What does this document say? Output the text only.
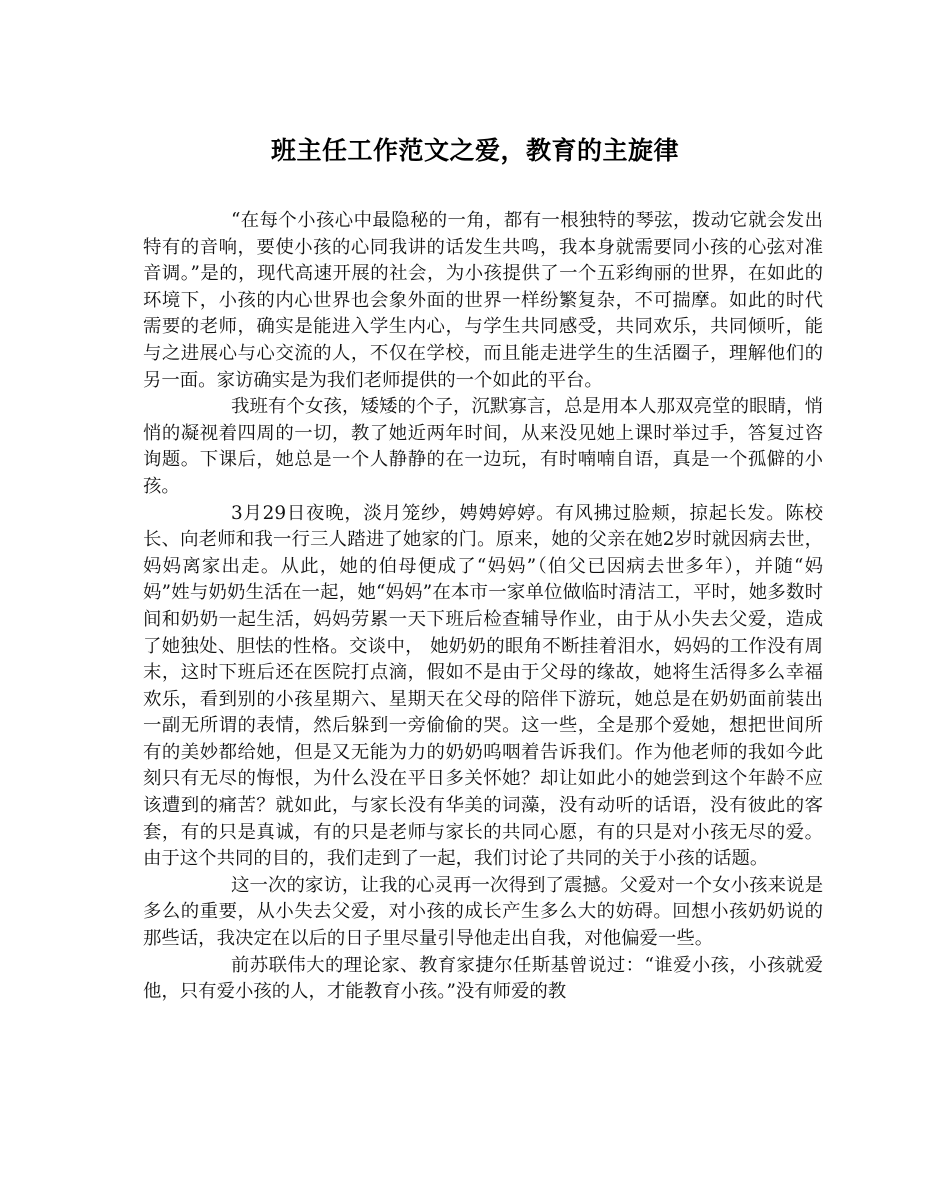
班主任工作范文之爱，教育的主旋律

“在每个小孩心中最隐秘的一角，都有一根独特的琴弦，拨动它就会发出特有的音响，要使小孩的心同我讲的话发生共鸣，我本身就需要同小孩的心弦对准音调。”是的，现代高速开展的社会，为小孩提供了一个五彩绚丽的世界，在如此的环境下，小孩的内心世界也会象外面的世界一样纷繁复杂，不可揣摩。如此的时代需要的老师，确实是能进入学生内心，与学生共同感受，共同欢乐，共同倾听，能与之进展心与心交流的人，不仅在学校，而且能走进学生的生活圈子，理解他们的另一面。家访确实是为我们老师提供的一个如此的平台。

我班有个女孩，矮矮的个子，沉默寡言，总是用本人那双亮堂的眼睛，悄悄的凝视着四周的一切，教了她近两年时间，从来没见她上课时举过手，答复过咨询题。下课后，她总是一个人静静的在一边玩，有时喃喃自语，真是一个孤僻的小孩。

3月29日夜晚，淡月笼纱，娉娉婷婷。有风拂过脸颊，掠起长发。陈校长、向老师和我一行三人踏进了她家的门。原来，她的父亲在她2岁时就因病去世，妈妈离家出走。从此，她的伯母便成了“妈妈”（伯父已因病去世多年），并随“妈妈”姓与奶奶生活在一起，她“妈妈”在本市一家单位做临时清洁工，平时，她多数时间和奶奶一起生活，妈妈劳累一天下班后检查辅导作业，由于从小失去父爱，造成了她独处、胆怯的性格。交谈中， 她奶奶的眼角不断挂着泪水，妈妈的工作没有周末，这时下班后还在医院打点滴，假如不是由于父母的缘故，她将生活得多么幸福欢乐，看到别的小孩星期六、星期天在父母的陪伴下游玩，她总是在奶奶面前装出一副无所谓的表情，然后躲到一旁偷偷的哭。这一些，全是那个爱她，想把世间所有的美妙都给她，但是又无能为力的奶奶呜咽着告诉我们。作为他老师的我如今此刻只有无尽的悔恨，为什么没在平日多关怀她？却让如此小的她尝到这个年龄不应该遭到的痛苦？就如此，与家长没有华美的词藻，没有动听的话语，没有彼此的客套，有的只是真诚，有的只是老师与家长的共同心愿，有的只是对小孩无尽的爱。由于这个共同的目的，我们走到了一起，我们讨论了共同的关于小孩的话题。

这一次的家访，让我的心灵再一次得到了震撼。父爱对一个女小孩来说是多么的重要，从小失去父爱，对小孩的成长产生多么大的妨碍。回想小孩奶奶说的那些话，我决定在以后的日子里尽量引导他走出自我，对他偏爱一些。

前苏联伟大的理论家、教育家捷尔任斯基曾说过：“谁爱小孩，小孩就爱他，只有爱小孩的人，才能教育小孩。”没有师爱的教
